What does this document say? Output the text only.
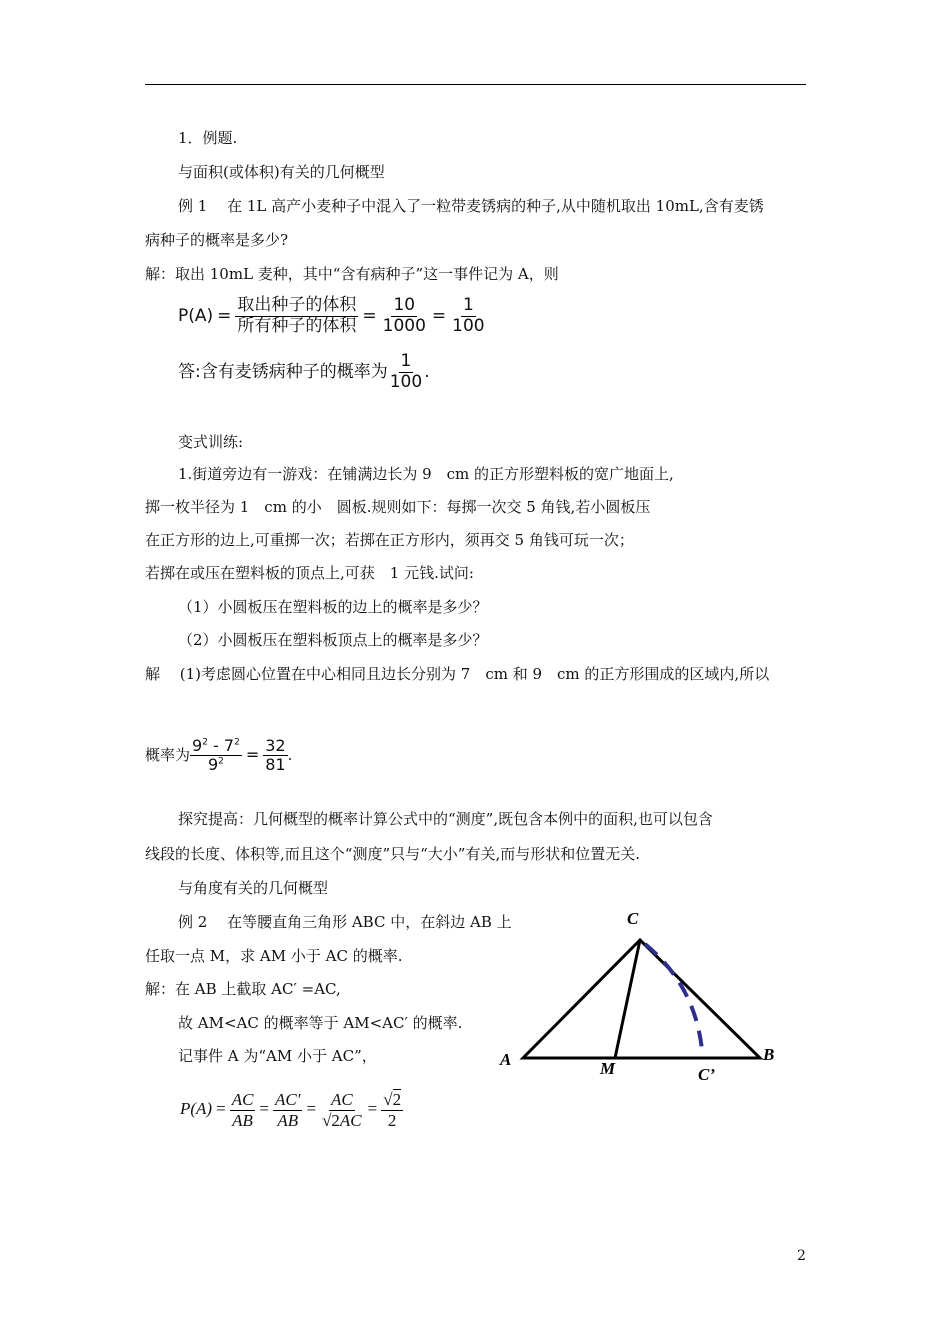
1．例题.
与面积(或体积)有关的几何概型
例 1　 在 1L 高产小麦种子中混入了一粒带麦锈病的种子,从中随机取出 10mL,含有麦锈
病种子的概率是多少?
解：取出 10mL 麦种，其中“含有病种子”这一事件记为 A，则
$P(A) = \frac{\text{取出种子的体积}}{\text{所有种子的体积}} = \frac{10}{1000} = \frac{1}{100}$
答:含有麦锈病种子的概率为 $\frac{1}{100}$ .
变式训练:
1.街道旁边有一游戏：在铺满边长为 9　cm 的正方形塑料板的宽广地面上,
掷一枚半径为 1　cm 的小　圆板.规则如下：每掷一次交 5 角钱,若小圆板压
在正方形的边上,可重掷一次；若掷在正方形内，须再交 5 角钱可玩一次；
若掷在或压在塑料板的顶点上,可获　1 元钱.试问:
（1）小圆板压在塑料板的边上的概率是多少？
（2）小圆板压在塑料板顶点上的概率是多少？
解　 (1)考虑圆心位置在中心相同且边长分别为 7　cm 和 9　cm 的正方形围成的区域内,所以
概率为 $\frac{9^2 - 7^2}{9^2} = \frac{32}{81}$ .
探究提高：几何概型的概率计算公式中的“测度”,既包含本例中的面积,也可以包含
线段的长度、体积等,而且这个“测度”只与“大小”有关,而与形状和位置无关.
与角度有关的几何概型
例 2　 在等腰直角三角形 ABC 中，在斜边 AB 上
任取一点 M，求 AM 小于 AC 的概率.
解：在 AB 上截取 AC′ =AC,
故 AM<AC 的概率等于 AM<AC′ 的概率.
记事件 A 为“AM 小于 AC”，
$P(A) = \frac{AC}{AB} = \frac{AC'}{AB} = \frac{AC}{√2AC} = \frac{√2}{2}$
C
A	B
M	C’
2
